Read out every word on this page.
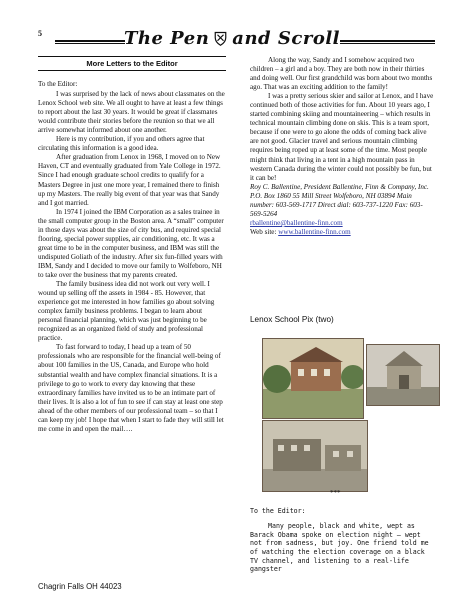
5	The Pen and Scroll
More Letters to the Editor

To the Editor:

I was surprised by the lack of news about classmates on the Lenox School web site. We all ought to have at least a few things to report about the last 30 years. It would be great if classmates would contribute their stories before the reunion so that we all arrive somewhat informed about one another.

Here is my contribution, if you and others agree that circulating this information is a good idea.

After graduation from Lenox in 1968, I moved on to New Haven, CT and eventually graduated from Yale College in 1972. Since I had enough graduate school credits to qualify for a Masters Degree in just one more year, I remained there to finish up my Masters. The really big event of that year was that Sandy and I got married.

In 1974 I joined the IBM Corporation as a sales trainee in the small computer group in the Boston area. A “small” computer in those days was about the size of city bus, and required special flooring, special power supplies, air conditioning, etc. It was a great time to be in the computer business, and IBM was still the undisputed Goliath of the industry. After six fun-filled years with IBM, Sandy and I decided to move our family to Wolfeboro, NH to take over the business that my parents created.

The family business idea did not work out very well. I wound up selling off the assets in 1984 - 85. However, that experience got me interested in how families go about solving complex family business problems. I began to learn about personal financial planning, which was just beginning to be recognized as an organized field of study and professional practice.

To fast forward to today, I head up a team of 50 professionals who are responsible for the financial well-being of about 100 families in the US, Canada, and Europe who hold substantial wealth and have complex financial situations. It is a privilege to go to work to every day knowing that these extraordinary families have invited us to be an intimate part of their lives. It is also a lot of fun to see if can stay at least one step ahead of the other members of our professional team – so that I can keep my job! I hope that when I start to fade they will still let me come in and open the mail….

Chagrin Falls OH 44023

Along the way, Sandy and I somehow acquired two children – a girl and a boy. They are both now in their thirties and doing well. Our first grandchild was born about two months ago. That was an exciting addition to the family!

I was a pretty serious skier and sailor at Lenox, and I have continued both of those activities for fun. About 10 years ago, I started combining skiing and mountaineering – which results in technical mountain climbing done on skis. This is a team sport, because if one were to go alone the odds of coming back alive are not good. Glacier travel and serious mountain climbing requires being roped up at least some of the time. Most people might think that living in a tent in a high mountain pass in western Canada during the winter could not possibly be fun, but it can be!

Roy C. Ballentine, President Ballentine, Finn & Company, Inc. P.O. Box 1860 55 Mill Street Wolfeboro, NH 03894 Main number: 603-569-1717 Direct dial: 603-737-1220 Fax: 603-569-5264

rballentine@ballentine-finn.com

Web site: www.ballentine-finn.com

Lenox School Pix (two)
***

To the Editor:

Many people, black and white, wept as Barack Obama spoke on election night – wept not from sadness, but joy. One friend told me of watching the election coverage on a black TV channel, and listening to a real-life gangster
